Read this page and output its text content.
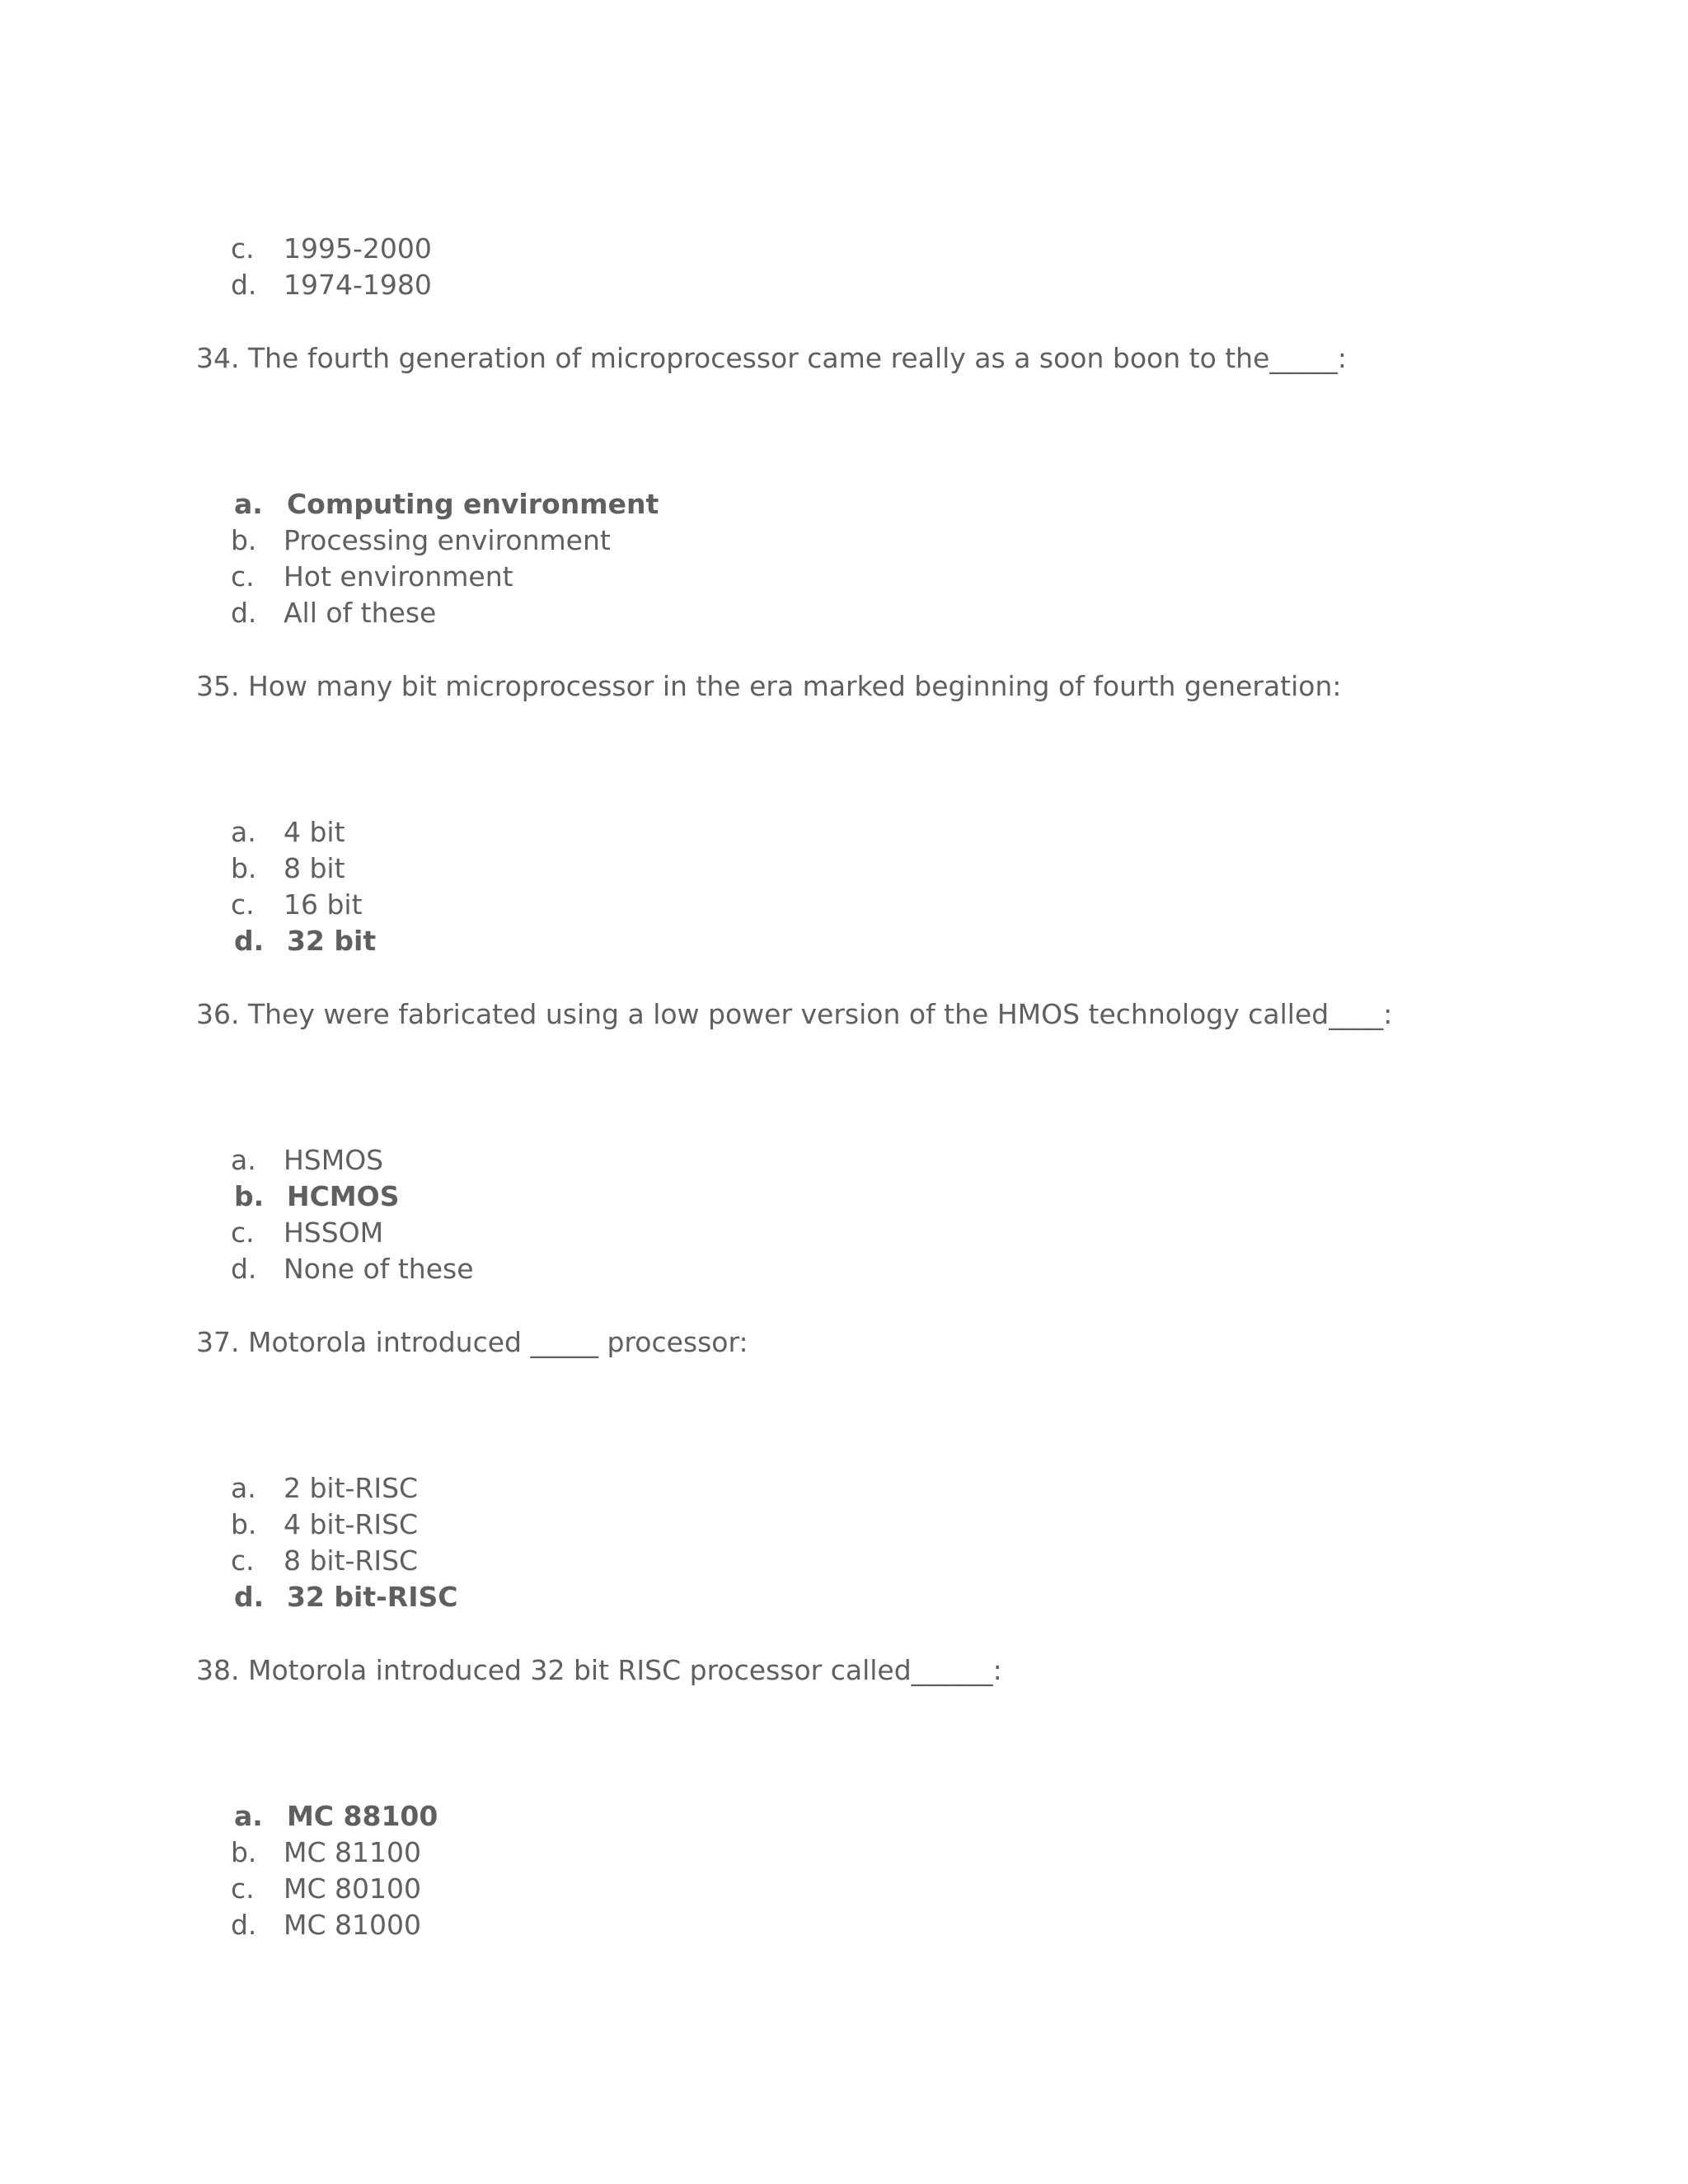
c. 1995-2000

d. 1974-1980

34. The fourth generation of microprocessor came really as a soon boon to the_____:

a. Computing environment

b. Processing environment

c. Hot environment

d. All of these

35. How many bit microprocessor in the era marked beginning of fourth generation:

a. 4 bit

b. 8 bit

c. 16 bit

d. 32 bit

36. They were fabricated using a low power version of the HMOS technology called____:

a. HSMOS

b. HCMOS

c. HSSOM

d. None of these

37. Motorola introduced _____ processor:

a. 2 bit-RISC

b. 4 bit-RISC

c. 8 bit-RISC

d. 32 bit-RISC

38. Motorola introduced 32 bit RISC processor called______:

a. MC 88100

b. MC 81100

c. MC 80100

d. MC 81000
